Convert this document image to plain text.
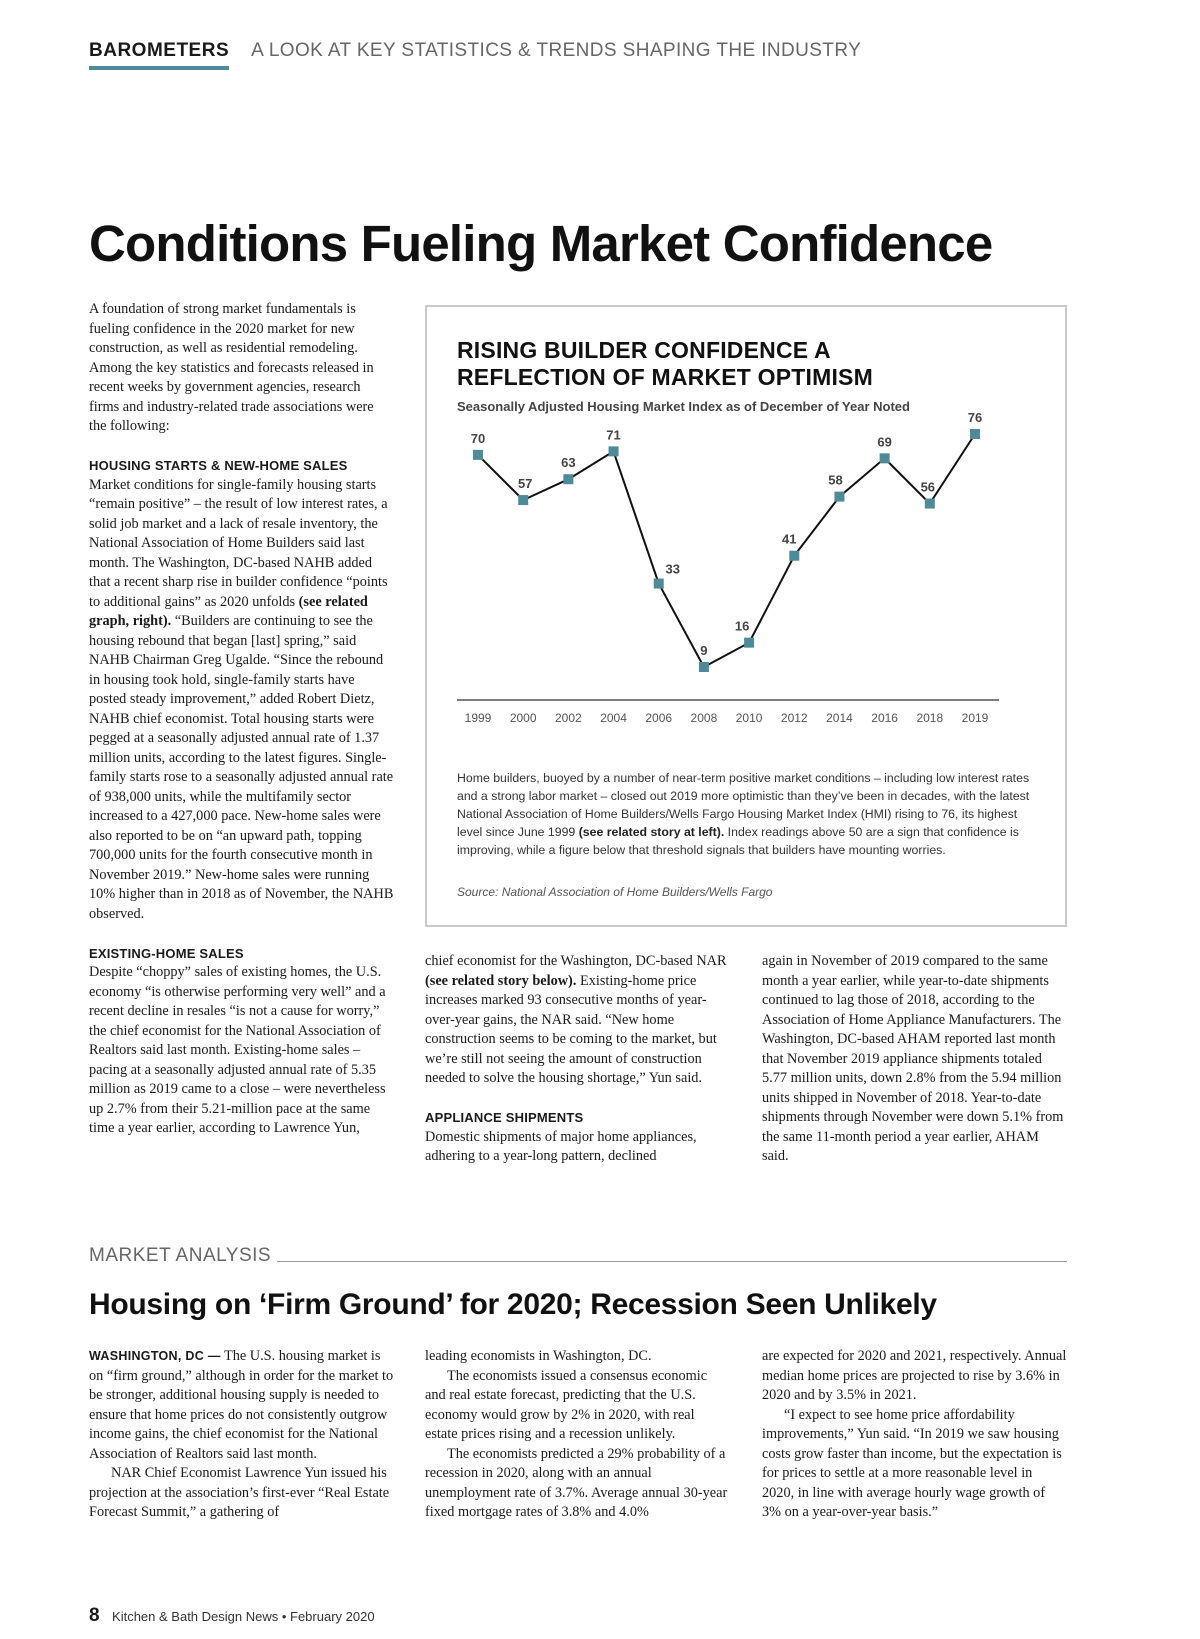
BAROMETERS A LOOK AT KEY STATISTICS & TRENDS SHAPING THE INDUSTRY
Conditions Fueling Market Confidence

A foundation of strong market fundamentals is fueling confidence in the 2020 market for new construction, as well as residential remodeling. Among the key statistics and forecasts released in recent weeks by government agencies, research firms and industry-related trade associations were the following:

HOUSING STARTS & NEW-HOME SALES

Market conditions for single-family housing starts “remain positive” – the result of low interest rates, a solid job market and a lack of resale inventory, the National Association of Home Builders said last month. The Washington, DC-based NAHB added that a recent sharp rise in builder confidence “points to additional gains” as 2020 unfolds (see related graph, right). “Builders are continuing to see the housing rebound that began [last] spring,” said NAHB Chairman Greg Ugalde. “Since the rebound in housing took hold, single-family starts have posted steady improvement,” added Robert Dietz, NAHB chief economist. Total housing starts were pegged at a seasonally adjusted annual rate of 1.37 million units, according to the latest figures. Single-family starts rose to a seasonally adjusted annual rate of 938,000 units, while the multifamily sector increased to a 427,000 pace. New-home sales were also reported to be on “an upward path, topping 700,000 units for the fourth consecutive month in November 2019.” New-home sales were running 10% higher than in 2018 as of November, the NAHB observed.

EXISTING-HOME SALES

Despite “choppy” sales of existing homes, the U.S. economy “is otherwise performing very well” and a recent decline in resales “is not a cause for worry,” the chief economist for the National Association of Realtors said last month. Existing-home sales – pacing at a seasonally adjusted annual rate of 5.35 million as 2019 came to a close – were nevertheless up 2.7% from their 5.21-million pace at the same time a year earlier, according to Lawrence Yun,

RISING BUILDER CONFIDENCE A
REFLECTION OF MARKET OPTIMISM
Seasonally Adjusted Housing Market Index as of December of Year Noted
70
57
63
71
33
9
16
41
58
69
56
76
1999 2000 2002 2004 2006 2008 2010 2012 2014 2016 2018 2019

Home builders, buoyed by a number of near-term positive market conditions – including low interest rates and a strong labor market – closed out 2019 more optimistic than they’ve been in decades, with the latest National Association of Home Builders/Wells Fargo Housing Market Index (HMI) rising to 76, its highest level since June 1999 (see related story at left). Index readings above 50 are a sign that confidence is improving, while a figure below that threshold signals that builders have mounting worries.

Source: National Association of Home Builders/Wells Fargo

chief economist for the Washington, DC-based NAR (see related story below). Existing-home price increases marked 93 consecutive months of year-over-year gains, the NAR said. “New home construction seems to be coming to the market, but we’re still not seeing the amount of construction needed to solve the housing shortage,” Yun said.

APPLIANCE SHIPMENTS

Domestic shipments of major home appliances, adhering to a year-long pattern, declined

again in November of 2019 compared to the same month a year earlier, while year-to-date shipments continued to lag those of 2018, according to the Association of Home Appliance Manufacturers. The Washington, DC-based AHAM reported last month that November 2019 appliance shipments totaled 5.77 million units, down 2.8% from the 5.94 million units shipped in November of 2018. Year-to-date shipments through November were down 5.1% from the same 11-month period a year earlier, AHAM said.

MARKET ANALYSIS
Housing on ‘Firm Ground’ for 2020; Recession Seen Unlikely

WASHINGTON, DC — The U.S. housing market is on “firm ground,” although in order for the market to be stronger, additional housing supply is needed to ensure that home prices do not consistently outgrow income gains, the chief economist for the National Association of Realtors said last month.

NAR Chief Economist Lawrence Yun issued his projection at the association’s first-ever “Real Estate Forecast Summit,” a gathering of

leading economists in Washington, DC.

The economists issued a consensus economic and real estate forecast, predicting that the U.S. economy would grow by 2% in 2020, with real estate prices rising and a recession unlikely.

The economists predicted a 29% probability of a recession in 2020, along with an annual unemployment rate of 3.7%. Average annual 30-year fixed mortgage rates of 3.8% and 4.0%

are expected for 2020 and 2021, respectively. Annual median home prices are projected to rise by 3.6% in 2020 and by 3.5% in 2021.

“I expect to see home price affordability improvements,” Yun said. “In 2019 we saw housing costs grow faster than income, but the expectation is for prices to settle at a more reasonable level in 2020, in line with average hourly wage growth of 3% on a year-over-year basis.”

8 Kitchen & Bath Design News • February 2020
